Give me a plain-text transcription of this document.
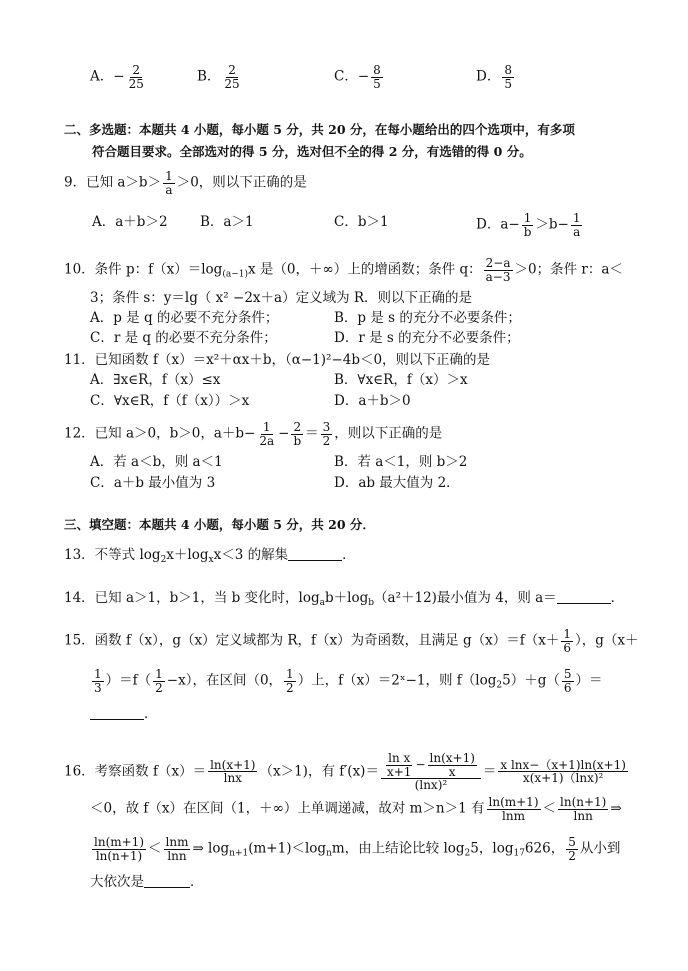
A．− $\frac{2}{25}$	B． $\frac{2}{25}$	C．− $\frac{8}{5}$	D． $\frac{8}{5}$
二、多选题：本题共 4 小题，每小题 5 分，共 20 分，在每小题给出的四个选项中，有多项
符合题目要求。全部选对的得 5 分，选对但不全的得 2 分，有选错的得 0 分。
9．已知 $a>b> \frac{1}{a} >0$，则以下正确的是
A．a＋b＞2 B．a＞1	C．b＞1	D．$a- \frac{1}{b} >b- \frac{1}{a}$
10．条件 p：$f(x)=\log_{(a-1)}x$ 是（0，＋∞）上的增函数；条件 q： $\frac{2-a}{a-3} >0$；条件 r：a＜
3；条件 s：y＝lg（ x² −2x＋a）定义域为 R．则以下正确的是
A．p 是 q 的必要不充分条件；	B．p 是 s 的充分不必要条件；
C．r 是 q 的必要不充分条件；	D．r 是 s 的充分不必要条件；
11．已知函数 f（x）＝x²＋αx＋b，（α−1)²−4b＜0，则以下正确的是
A．∃x∈R，f（x）≤x	B．∀x∈R，f（x）＞x
C．∀x∈R，f（f（x））＞x	D．a＋b＞0
12．已知 a＞0，b＞0，$a+b- \frac{1}{2a} - \frac{2}{b} = \frac{3}{2}$ ，则以下正确的是
A．若 a＜b，则 a＜1	B．若 a＜1，则 b＞2
C．a＋b 最小值为 3	D．ab 最大值为 2．
三、填空题：本题共 4 小题，每小题 5 分，共 20 分．
13．不等式 $\log_2x+\log_xx<3$ 的解集	．
14．已知 a＞1，b＞1，当 b 变化时，$\log_ab+\log_b(a^2+12)$最小值为 4，则 a＝	．
15．函数 f（x），g（x）定义域都为 R，f（x）为奇函数，且满足 $g(x)=f(x+ \frac{1}{6}$ ），g（x＋
$\frac{1}{3} )=f( \frac{1}{2} -x)$，在区间（0， $\frac{1}{2}$ ）上，f（x）＝2ˣ−1，则 $f(\log_25)+g( \frac{5}{6}$ ）＝
．
16．考察函数 $f(x)= \frac{\ln(x+1)}{\ln x} (x>1)$，有 $f'(x)= \frac{\frac{\text{ln x}}{x+1} - \frac{\ln(x+1)}{x}}{\text{(lnx)²}} = \frac{\text{x lnx−（x+1)ln(x+1)}}{\text{x(x+1)（lnx)²}}$
＜0，故 f（x）在区间（1，＋∞）上单调递减，故对 m＞n＞1 有 $\frac{\ln(m+1)}{\ln m} < \frac{\ln(n+1)}{\ln n}$ ⇒
$\frac{\ln(m+1)}{\ln(n+1)} < \frac{\ln m}{\ln n}$ ⇒ $\log_{n+1}(m+1)<\log_nm$，由上结论比较 $\log_25$，$\log_{17}626$， $\frac{5}{2}$ 从小到
大依次是	．
